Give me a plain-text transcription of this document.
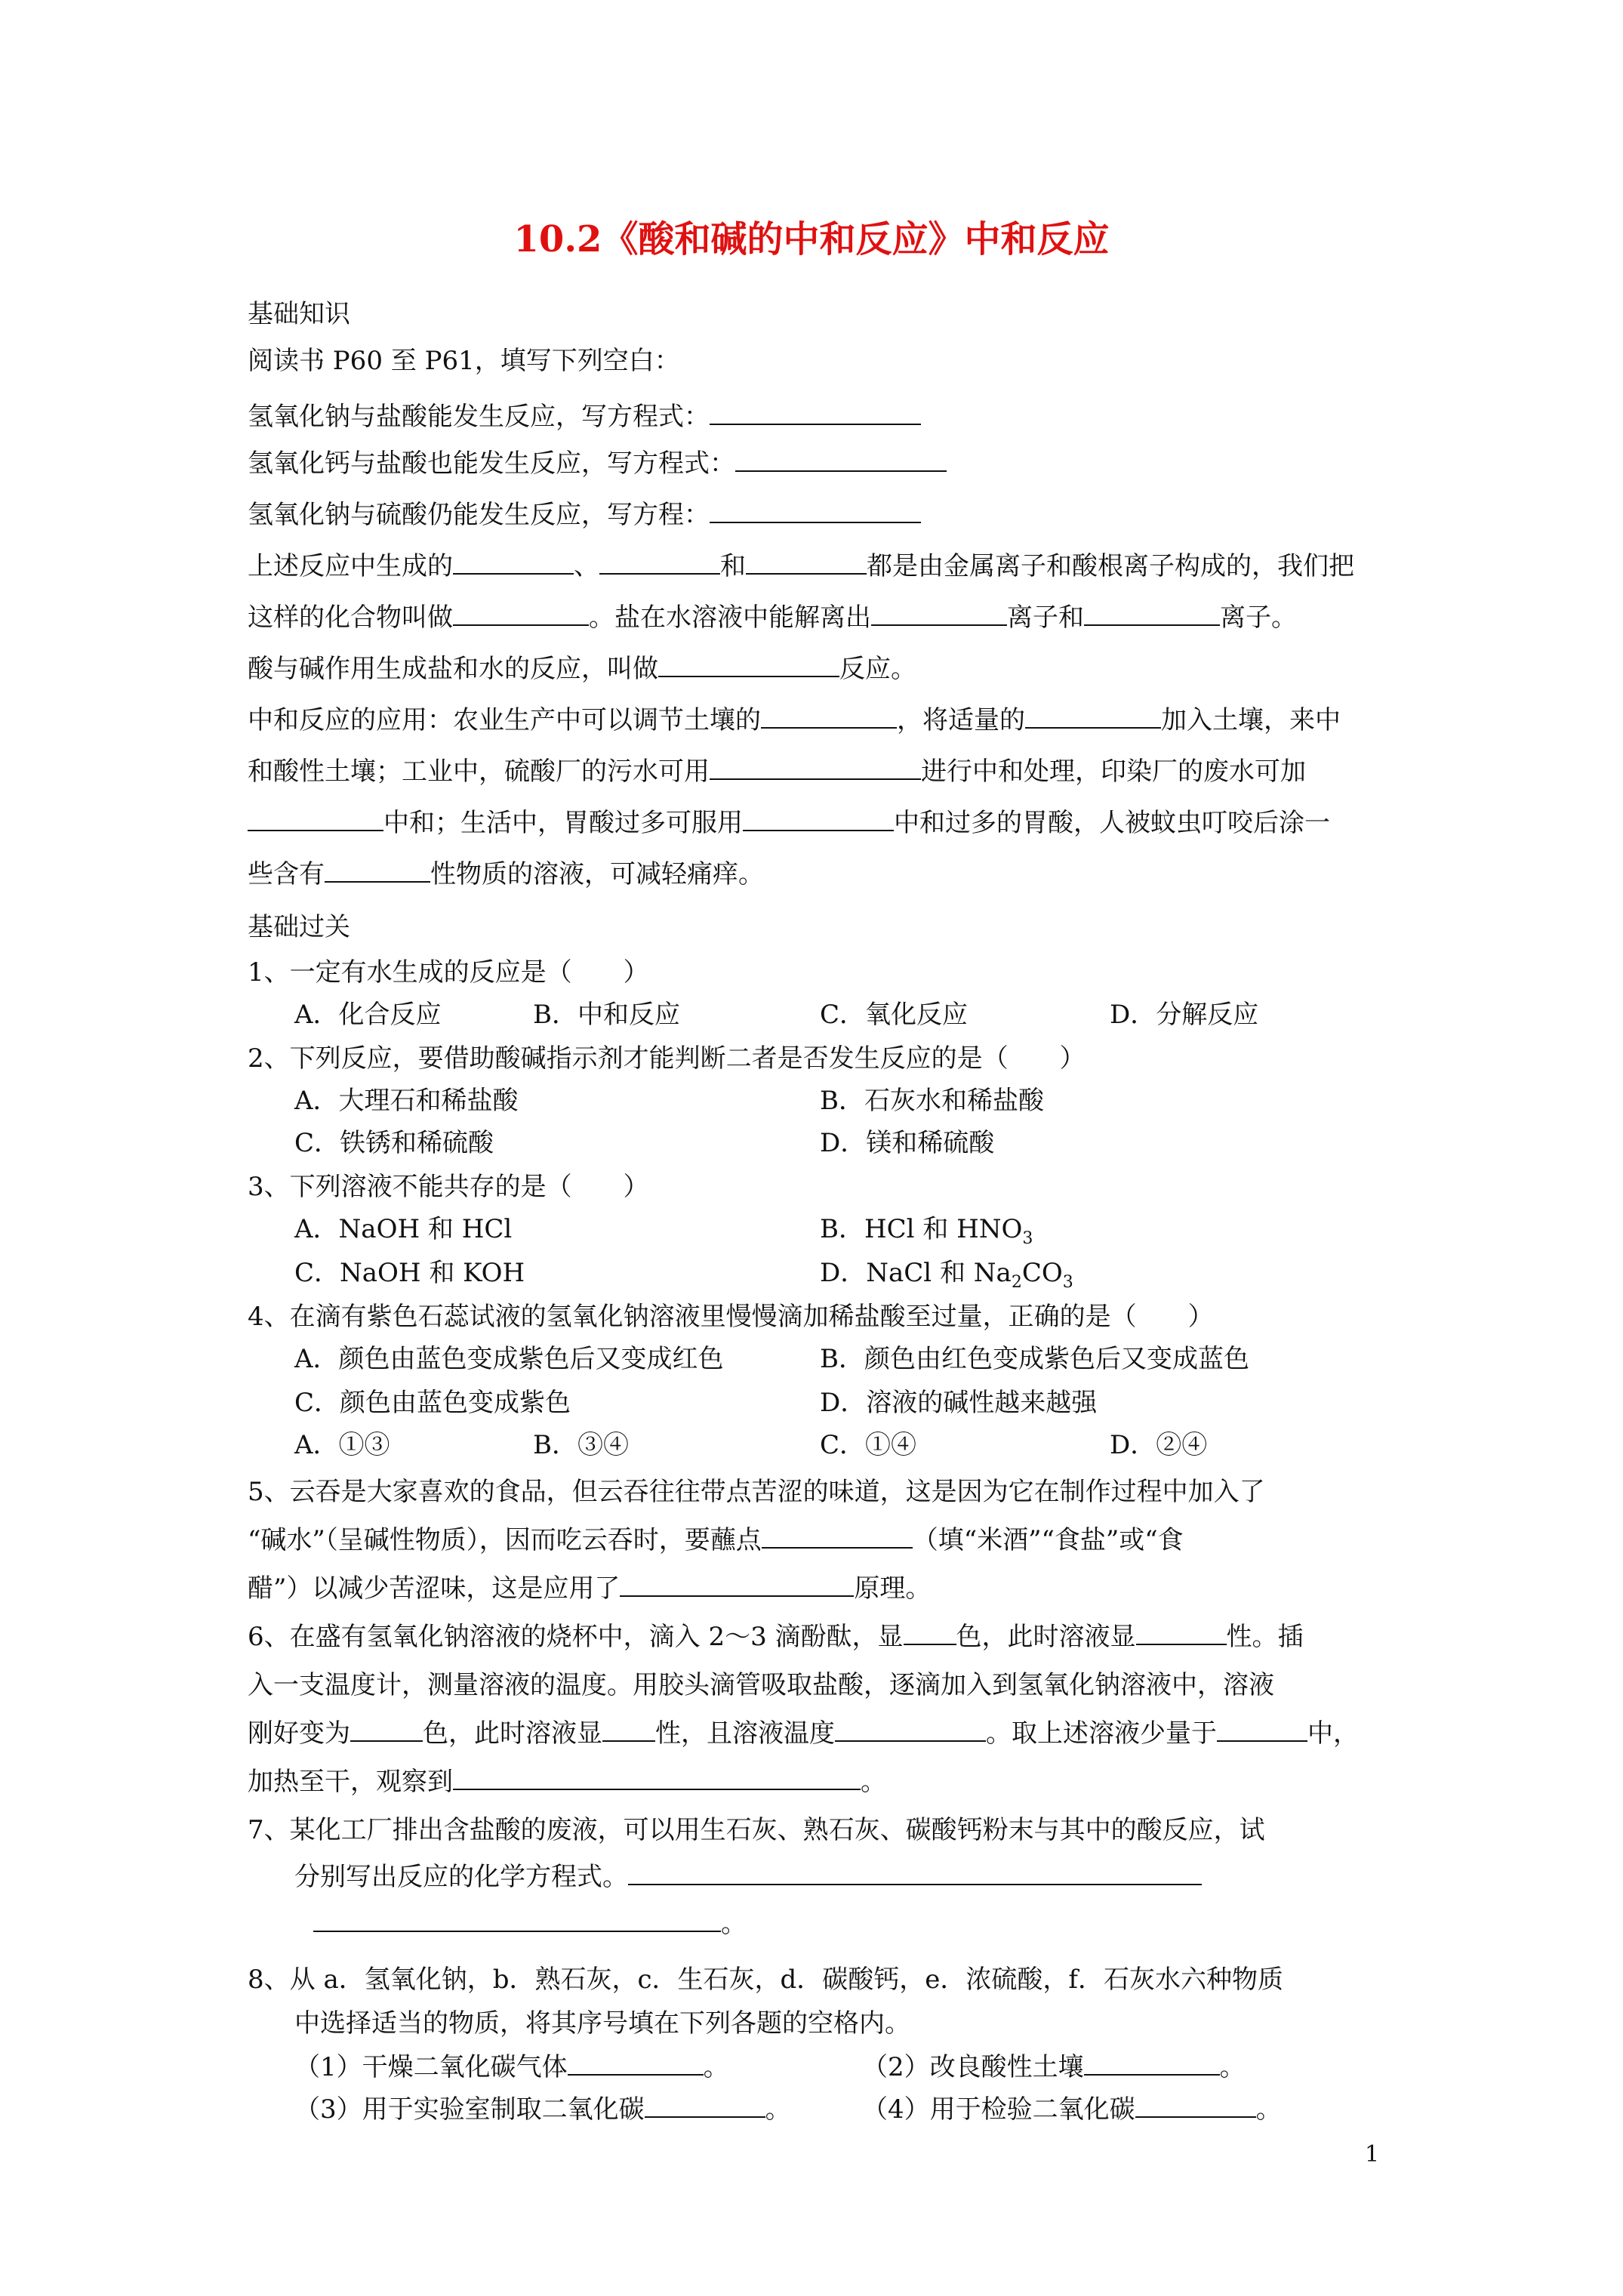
10.2《酸和碱的中和反应》中和反应
基础知识
阅读书 P60 至 P61，填写下列空白：
氢氧化钠与盐酸能发生反应，写方程式：
氢氧化钙与盐酸也能发生反应，写方程式：
氢氧化钠与硫酸仍能发生反应，写方程：
上述反应中生成的	、	和	都是由金属离子和酸根离子构成的，我们把
这样的化合物叫做	。盐在水溶液中能解离出	离子和	离子。
酸与碱作用生成盐和水的反应，叫做	反应。
中和反应的应用：农业生产中可以调节土壤的	，将适量的	加入土壤，来中
和酸性土壤；工业中，硫酸厂的污水可用	进行中和处理，印染厂的废水可加
中和；生活中，胃酸过多可服用	中和过多的胃酸，人被蚊虫叮咬后涂一
些含有	性物质的溶液，可减轻痛痒。
基础过关
1、一定有水生成的反应是（　　）
A．化合反应	B．中和反应	C．氧化反应	D．分解反应
2、下列反应，要借助酸碱指示剂才能判断二者是否发生反应的是（　　）
A．大理石和稀盐酸	B．石灰水和稀盐酸
C．铁锈和稀硫酸	D．镁和稀硫酸
3、下列溶液不能共存的是（　　）
A．NaOH 和 HCl	B．HCl 和 $HNO_3$
C．NaOH 和 KOH	D．NaCl 和 $Na_2CO_3$
4、在滴有紫色石蕊试液的氢氧化钠溶液里慢慢滴加稀盐酸至过量，正确的是（　　）
A．颜色由蓝色变成紫色后又变成红色	B．颜色由红色变成紫色后又变成蓝色
C．颜色由蓝色变成紫色	D．溶液的碱性越来越强
A．①③	B．③④	C．①④	D．②④
5、云吞是大家喜欢的食品，但云吞往往带点苦涩的味道，这是因为它在制作过程中加入了
“碱水”（呈碱性物质），因而吃云吞时，要蘸点	（填“米酒”“食盐”或“食
醋”）以减少苦涩味，这是应用了	原理。
6、在盛有氢氧化钠溶液的烧杯中，滴入 2～3 滴酚酞，显 色，此时溶液显	性。插
入一支温度计，测量溶液的温度。用胶头滴管吸取盐酸，逐滴加入到氢氧化钠溶液中，溶液
刚好变为	色，此时溶液显 性，且溶液温度	。取上述溶液少量于	中，
加热至干，观察到	。
7、某化工厂排出含盐酸的废液，可以用生石灰、熟石灰、碳酸钙粉末与其中的酸反应，试
分别写出反应的化学方程式。
。
8、从 a．氢氧化钠，b．熟石灰，c．生石灰，d．碳酸钙，e．浓硫酸，f．石灰水六种物质
中选择适当的物质，将其序号填在下列各题的空格内。
（1）干燥二氧化碳气体	。	（2）改良酸性土壤	。
（3）用于实验室制取二氧化碳	。	（4）用于检验二氧化碳	。
1
